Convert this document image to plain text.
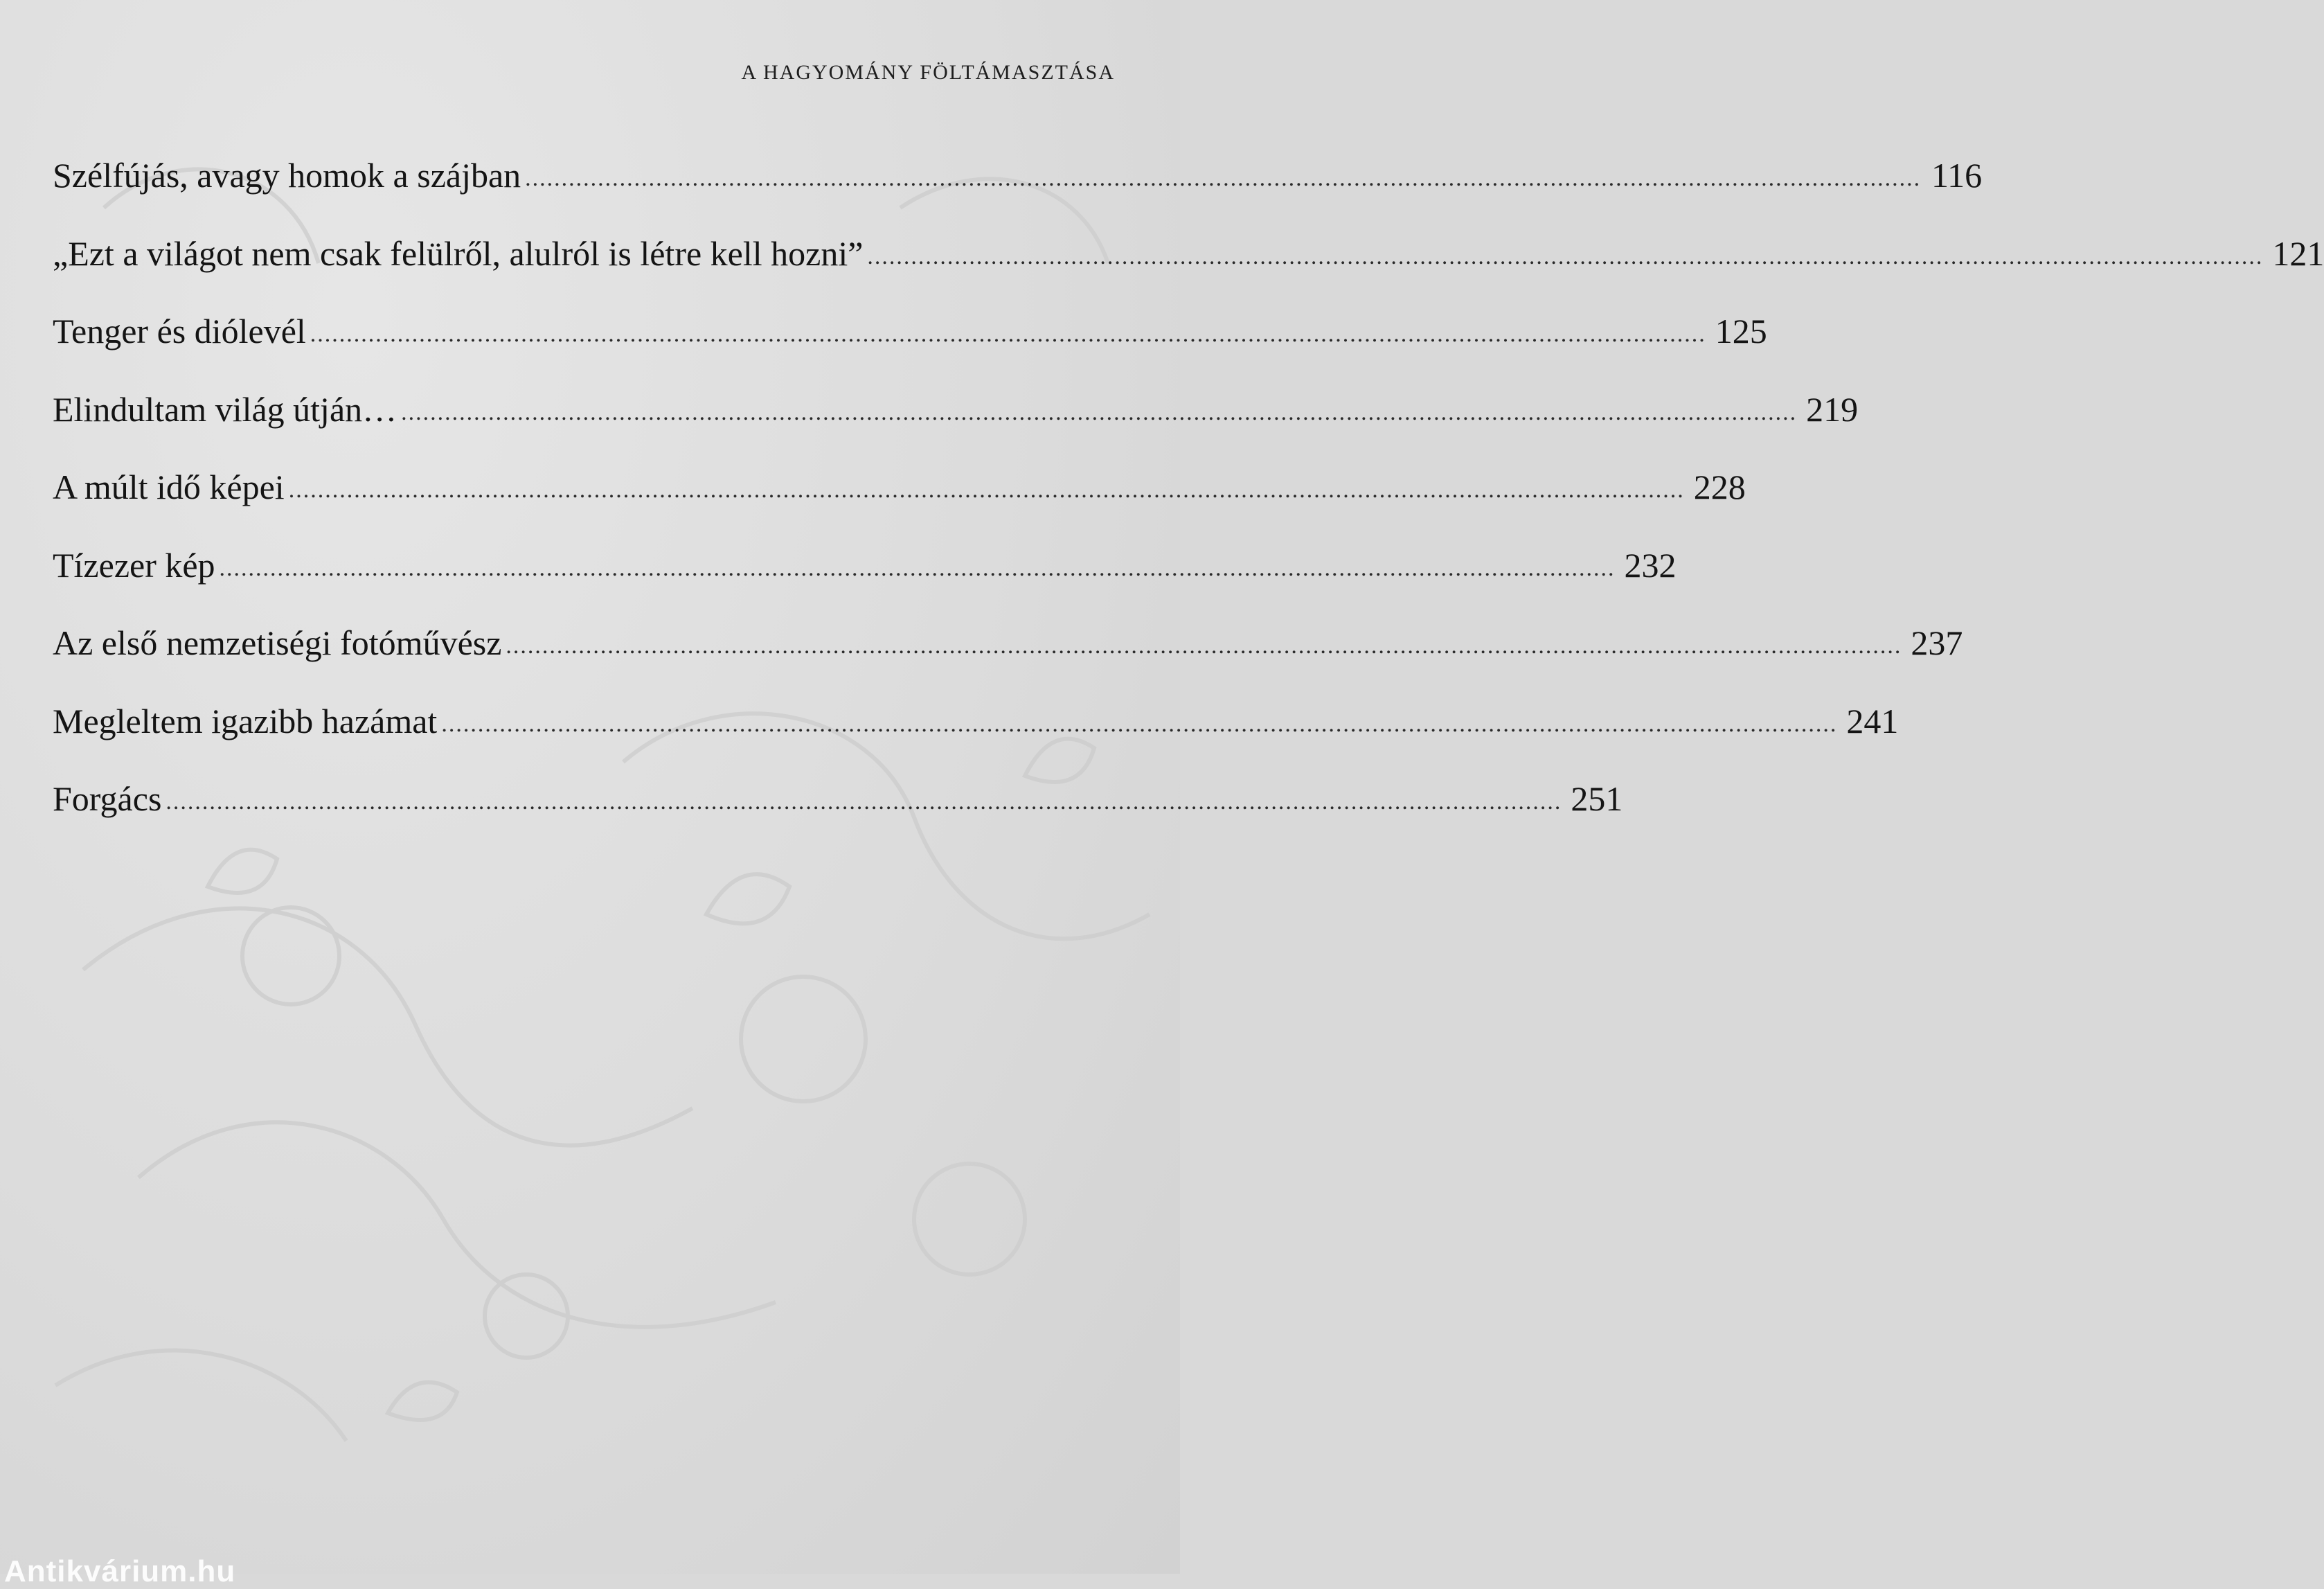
A HAGYOMÁNY FÖLTÁMASZTÁSA
Szélfújás, avagy homok a szájban ................................................................................................................................................................................................ 116
„Ezt a világot nem csak felülről, alulról is létre kell hozni” ................................................................................................................................................................................................ 121
Tenger és diólevél ................................................................................................................................................................................................ 125
Elindultam világ útján… ................................................................................................................................................................................................ 219
A múlt idő képei ................................................................................................................................................................................................ 228
Tízezer kép ................................................................................................................................................................................................ 232
Az első nemzetiségi fotóművész ................................................................................................................................................................................................ 237
Megleltem igazibb hazámat ................................................................................................................................................................................................ 241
Forgács ................................................................................................................................................................................................ 251
Antikvárium.hu
